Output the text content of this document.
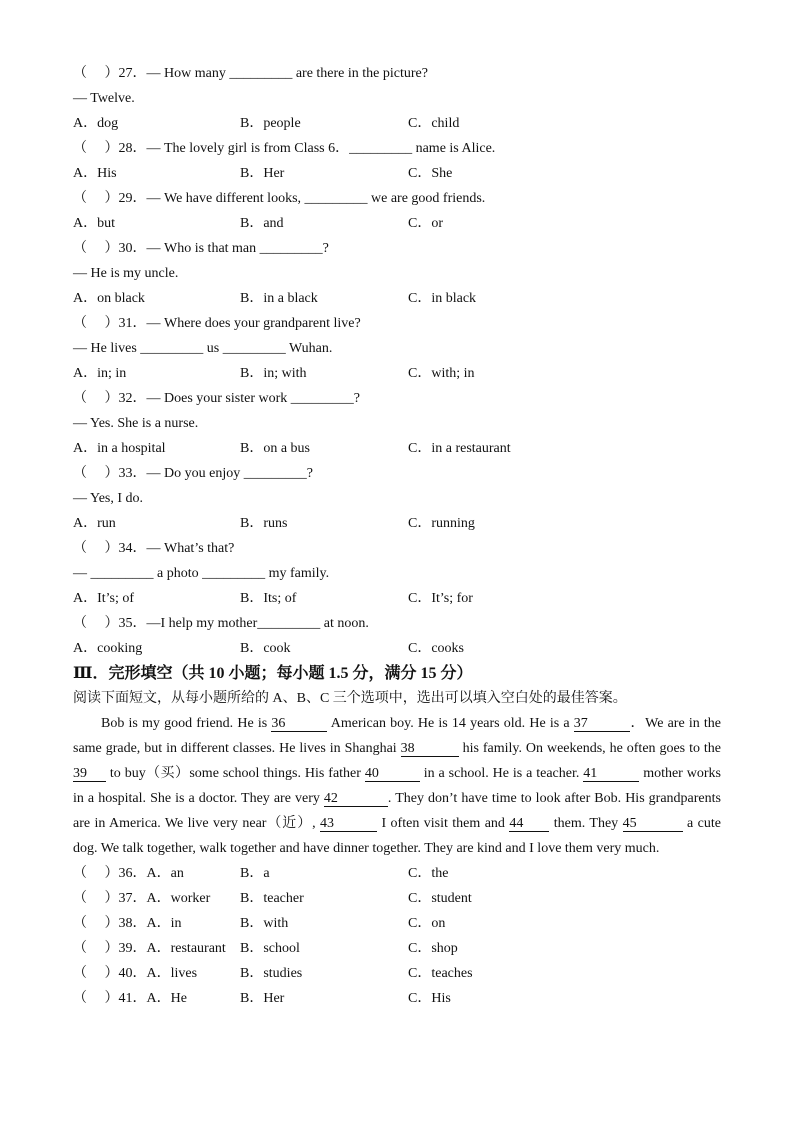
（ 　）27．— How many _________ are there in the picture?
— Twelve.
A．dog	B．people	C．child
（ 　）28．— The lovely girl is from Class 6．_________ name is Alice.
A．His	B．Her	C．She
（ 　）29．— We have different looks, _________ we are good friends.
A．but	B．and	C．or
（ 　）30．— Who is that man _________?
— He is my uncle.
A．on black	B．in a black	C．in black
（ 　）31．— Where does your grandparent live?
— He lives _________ us _________ Wuhan.
A．in; in	B．in; with	C．with; in
（ 　）32．— Does your sister work _________?
— Yes. She is a nurse.
A．in a hospital	B．on a bus	C．in a restaurant
（ 　）33．— Do you enjoy _________?
— Yes, I do.
A．run	B．runs	C．running
（ 　）34．— What’s that?
— _________ a photo _________ my family.
A．It’s; of	B．Its; of	C．It’s; for
（ 　）35．—I help my mother_________ at noon.
A．cooking	B．cook	C．cooks
Ⅲ．完形填空（共 10 小题；每小题 1.5 分，满分 15 分）
阅读下面短文，从每小题所给的 A、B、C 三个选项中，选出可以填入空白处的最佳答案。
Bob is my good friend. He is 36	American boy. He is 14 years old. He is a 37	．We are in the
same grade, but in different classes. He lives in Shanghai 38	his family. On weekends, he often goes to the
39 to buy（买）some school things. His father 40	in a school. He is a teacher. 41	mother works
in a hospital. She is a doctor. They are very 42	. They don’t have time to look after Bob. His grandparents
are in America. We live very near（近）, 43	I often visit them and 44 them. They 45	a cute
dog. We talk together, walk together and have dinner together. They are kind and I love them very much.
（ 　）36．A．an	B．a	C．the
（ 　）37．A．worker B．teacher	C．student
（ 　）38．A．in	B．with	C．on
（ 　）39．A．restaurant B．school	C．shop
（ 　）40．A．lives	B．studies	C．teaches
（ 　）41．A．He	B．Her	C．His
